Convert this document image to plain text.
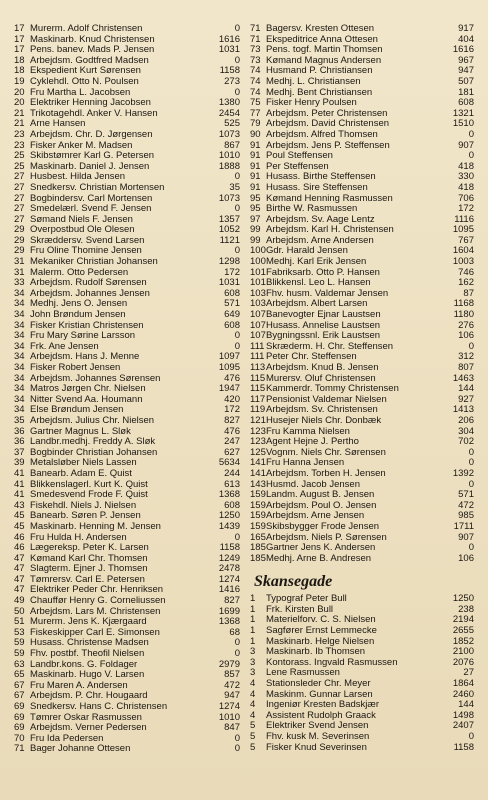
17 Murerm. Adolf Christensen	0
17 Maskinarb. Knud Christensen	1616
17 Pens. banev. Mads P. Jensen	1031
18 Arbejdsm. Godtfred Madsen	0
18 Ekspedient Kurt Sørensen	1158
19 Cyklehdl. Otto N. Poulsen	273
20 Fru Martha L. Jacobsen	0
20 Elektriker Henning Jacobsen	1380
21 Trikotagehdl. Anker V. Hansen	2454
21 Arne Hansen	525
23 Arbejdsm. Chr. D. Jørgensen	1073
23 Fisker Anker M. Madsen	867
25 Skibstømrer Karl G. Petersen	1010
25 Maskinarb. Daniel J. Jensen	1888
27 Husbest. Hilda Jensen	0
27 Snedkersv. Christian Mortensen	35
27 Bogbindersv. Carl Mortensen	1073
27 Smedelærl. Svend F. Jensen	0
27 Sømand Niels F. Jensen	1357
29 Overpostbud Ole Olesen	1052
29 Skræddersv. Svend Larsen	1121
29 Fru Oline Thomine Jensen	0
31 Mekaniker Christian Johansen	1298
31 Malerm. Otto Pedersen	172
33 Arbejdsm. Rudolf Sørensen	1031
34 Arbejdsm. Johannes Jensen	608
34 Medhj. Jens O. Jensen	571
34 John Brøndum Jensen	649
34 Fisker Kristian Christensen	608
34 Fru Mary Sørine Larsson	0
34 Frk. Ane Jensen	0
34 Arbejdsm. Hans J. Menne	1097
34 Fisker Robert Jensen	1095
34 Arbejdsm. Johannes Sørensen	476
34 Matros Jørgen Chr. Nielsen	1947
34 Nitter Svend Aa. Houmann	420
34 Else Brøndum Jensen	172
35 Arbejdsm. Julius Chr. Nielsen	827
36 Gartner Magnus L. Sløk	476
36 Landbr.medhj. Freddy A. Sløk	247
37 Bogbinder Christian Johansen	627
39 Metalsløber Niels Lassen	5634
41 Banearb. Adam E. Quist	244
41 Blikkenslagerl. Kurt K. Quist	613
41 Smedesvend Frode F. Quist	1368
43 Fiskehdl. Niels J. Nielsen	608
45 Banearb. Søren P. Jensen	1250
45 Maskinarb. Henning M. Jensen	1439
46 Fru Hulda H. Andersen	0
46 Lægereksp. Peter K. Larsen	1158
47 Kømand Karl Chr. Thomsen	1249
47 Slagterm. Ejner J. Thomsen	2478
47 Tømrersv. Carl E. Petersen	1274
47 Elektriker Peder Chr. Henriksen	1416
49 Chauffør Henry G. Corneliussen	827
50 Arbejdsm. Lars M. Christensen	1699
51 Murerm. Jens K. Kjærgaard	1368
53 Fiskeskipper Carl E. Simonsen	68
59 Husass. Christense Madsen	0
59 Fhv. postbf. Theofil Nielsen	0
63 Landbr.kons. G. Foldager	2979
65 Maskinarb. Hugo V. Larsen	857
67 Fru Maren A. Andersen	472
67 Arbejdsm. P. Chr. Hougaard	947
69 Snedkersv. Hans C. Christensen	1274
69 Tømrer Oskar Rasmussen	1010
69 Arbejdsm. Verner Pedersen	847
70 Fru Ida Pedersen	0
71 Bager Johanne Ottesen	0
71 Bagersv. Kresten Ottesen	917
71 Ekspeditrice Anna Ottesen	404
73 Pens. togf. Martin Thomsen	1616
73 Kømand Magnus Andersen	967
74 Husmand P. Christiansen	947
74 Medhj. L. Christiansen	507
74 Medhj. Bent Christiansen	181
75 Fisker Henry Poulsen	608
77 Arbejdsm. Peter Christensen	1321
79 Arbejdsm. David Christensen	1510
90 Arbejdsm. Alfred Thomsen	0
91 Arbejdsm. Jens P. Steffensen	907
91 Poul Steffensen	0
91 Per Steffensen	418
91 Husass. Birthe Steffensen	330
91 Husass. Sire Steffensen	418
95 Kømand Henning Rasmussen	706
95 Birthe W. Rasmussen	172
97 Arbejdsm. Sv. Aage Lentz	1116
99 Arbejdsm. Karl H. Christensen	1095
99 Arbejdsm. Arne Andersen	767
100 Gdr. Harald Jensen	1604
100 Medhj. Karl Erik Jensen	1003
101 Fabriksarb. Otto P. Hansen	746
101 Blikkensl. Leo L. Hansen	162
103 Fhv. husm. Valdemar Jensen	87
103 Arbejdsm. Albert Larsen	1168
107 Banevogter Ejnar Laustsen	1180
107 Husass. Annelise Laustsen	276
107 Bygningssnl. Erik Laustsen	106
111 Skræderm. H. Chr. Steffensen	0
111 Peter Chr. Steffensen	312
113 Arbejdsm. Knud B. Jensen	807
115 Murersv. Oluf Christensen	1463
115 Kammerdr. Tommy Christensen	144
117 Pensionist Valdemar Nielsen	927
119 Arbejdsm. Sv. Christensen	1413
121 Husejer Niels Chr. Donbæk	206
123 Fru Kamma Nielsen	304
123 Agent Hejne J. Pertho	702
125 Vognm. Niels Chr. Sørensen	0
141 Fru Hanna Jensen	0
141 Arbejdsm. Torben H. Jensen	1392
143 Husmd. Jacob Jensen	0
159 Landm. August B. Jensen	571
159 Arbejdsm. Poul O. Jensen	472
159 Arbejdsm. Arne Jensen	985
159 Skibsbygger Frode Jensen	1711
165 Arbejdsm. Niels P. Sørensen	907
185 Gartner Jens K. Andersen	0
185 Medhj. Arne B. Andresen	106
Skansegade
1	Typograf Peter Bull	1250
1	Frk. Kirsten Bull	238
1	Materielforv. C. S. Nielsen	2194
1	Sagfører Ernst Lemmecke	2655
1	Maskinarb. Helge Nielsen	1852
3	Maskinarb. Ib Thomsen	2100
3	Kontorass. Ingvald Rasmussen	2076
3	Lene Rasmussen	27
4	Stationsleder Chr. Meyer	1864
4	Maskinm. Gunnar Larsen	2460
4	Ingeniør Kresten Badskjær	144
4	Assistent Rudolph Graack	1498
5	Elektriker Svend Jensen	2407
5	Fhv. kusk M. Severinsen	0
5	Fisker Knud Severinsen	1158
